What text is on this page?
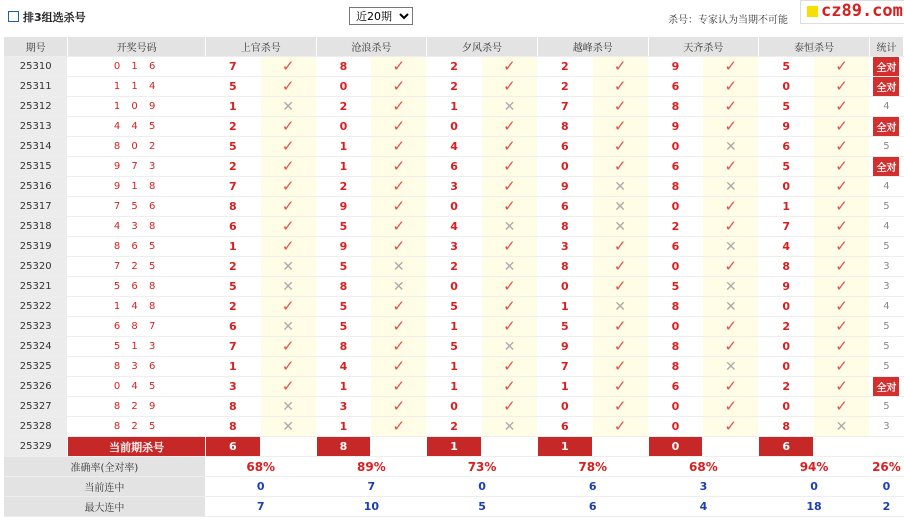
排3组选杀号
近20期	杀号：专家认为当期不可能 cz89.com
期号	开奖号码	上官杀号		沧浪杀号		夕风杀号		越峰杀号		天齐杀号		泰恒杀号		统计
25310	0 1 6	7	✓	8	✓	2	✓	2	✓	9	✓	5	✓	全对
25311	1 1 4	5	✓	0	✓	2	✓	2	✓	6	✓	0	✓	全对
25312	1 0 9	1	✕	2	✓	1	✕	7	✓	8	✓	5	✓	4
25313	4 4 5	2	✓	0	✓	0	✓	8	✓	9	✓	9	✓	全对
25314	8 0 2	5	✓	1	✓	4	✓	6	✓	0	✕	6	✓	5
25315	9 7 3	2	✓	1	✓	6	✓	0	✓	6	✓	5	✓	全对
25316	9 1 8	7	✓	2	✓	3	✓	9	✕	8	✕	0	✓	4
25317	7 5 6	8	✓	9	✓	0	✓	6	✕	0	✓	1	✓	5
25318	4 3 8	6	✓	5	✓	4	✕	8	✕	2	✓	7	✓	4
25319	8 6 5	1	✓	9	✓	3	✓	3	✓	6	✕	4	✓	5
25320	7 2 5	2	✕	5	✕	2	✕	8	✓	0	✓	8	✓	3
25321	5 6 8	5	✕	8	✕	0	✓	0	✓	5	✕	9	✓	3
25322	1 4 8	2	✓	5	✓	5	✓	1	✕	8	✕	0	✓	4
25323	6 8 7	6	✕	5	✓	1	✓	5	✓	0	✓	2	✓	5
25324	5 1 3	7	✓	8	✓	5	✕	9	✓	8	✓	0	✓	5
25325	8 3 6	1	✓	4	✓	1	✓	7	✓	8	✕	0	✓	5
25326	0 4 5	3	✓	1	✓	1	✓	1	✓	6	✓	2	✓	全对
25327	8 2 9	8	✕	3	✓	0	✓	0	✓	0	✓	0	✓	5
25328	8 2 5	8	✕	1	✓	2	✕	6	✓	0	✓	8	✕	3
25329	当前期杀号	6		8		1		1		0		6		
准确率(全对率)		68%		89%		73%		78%		68%		94%		26%
当前连中		0		7		0		6		3		0		0
最大连中		7		10		5		6		4		18		2
